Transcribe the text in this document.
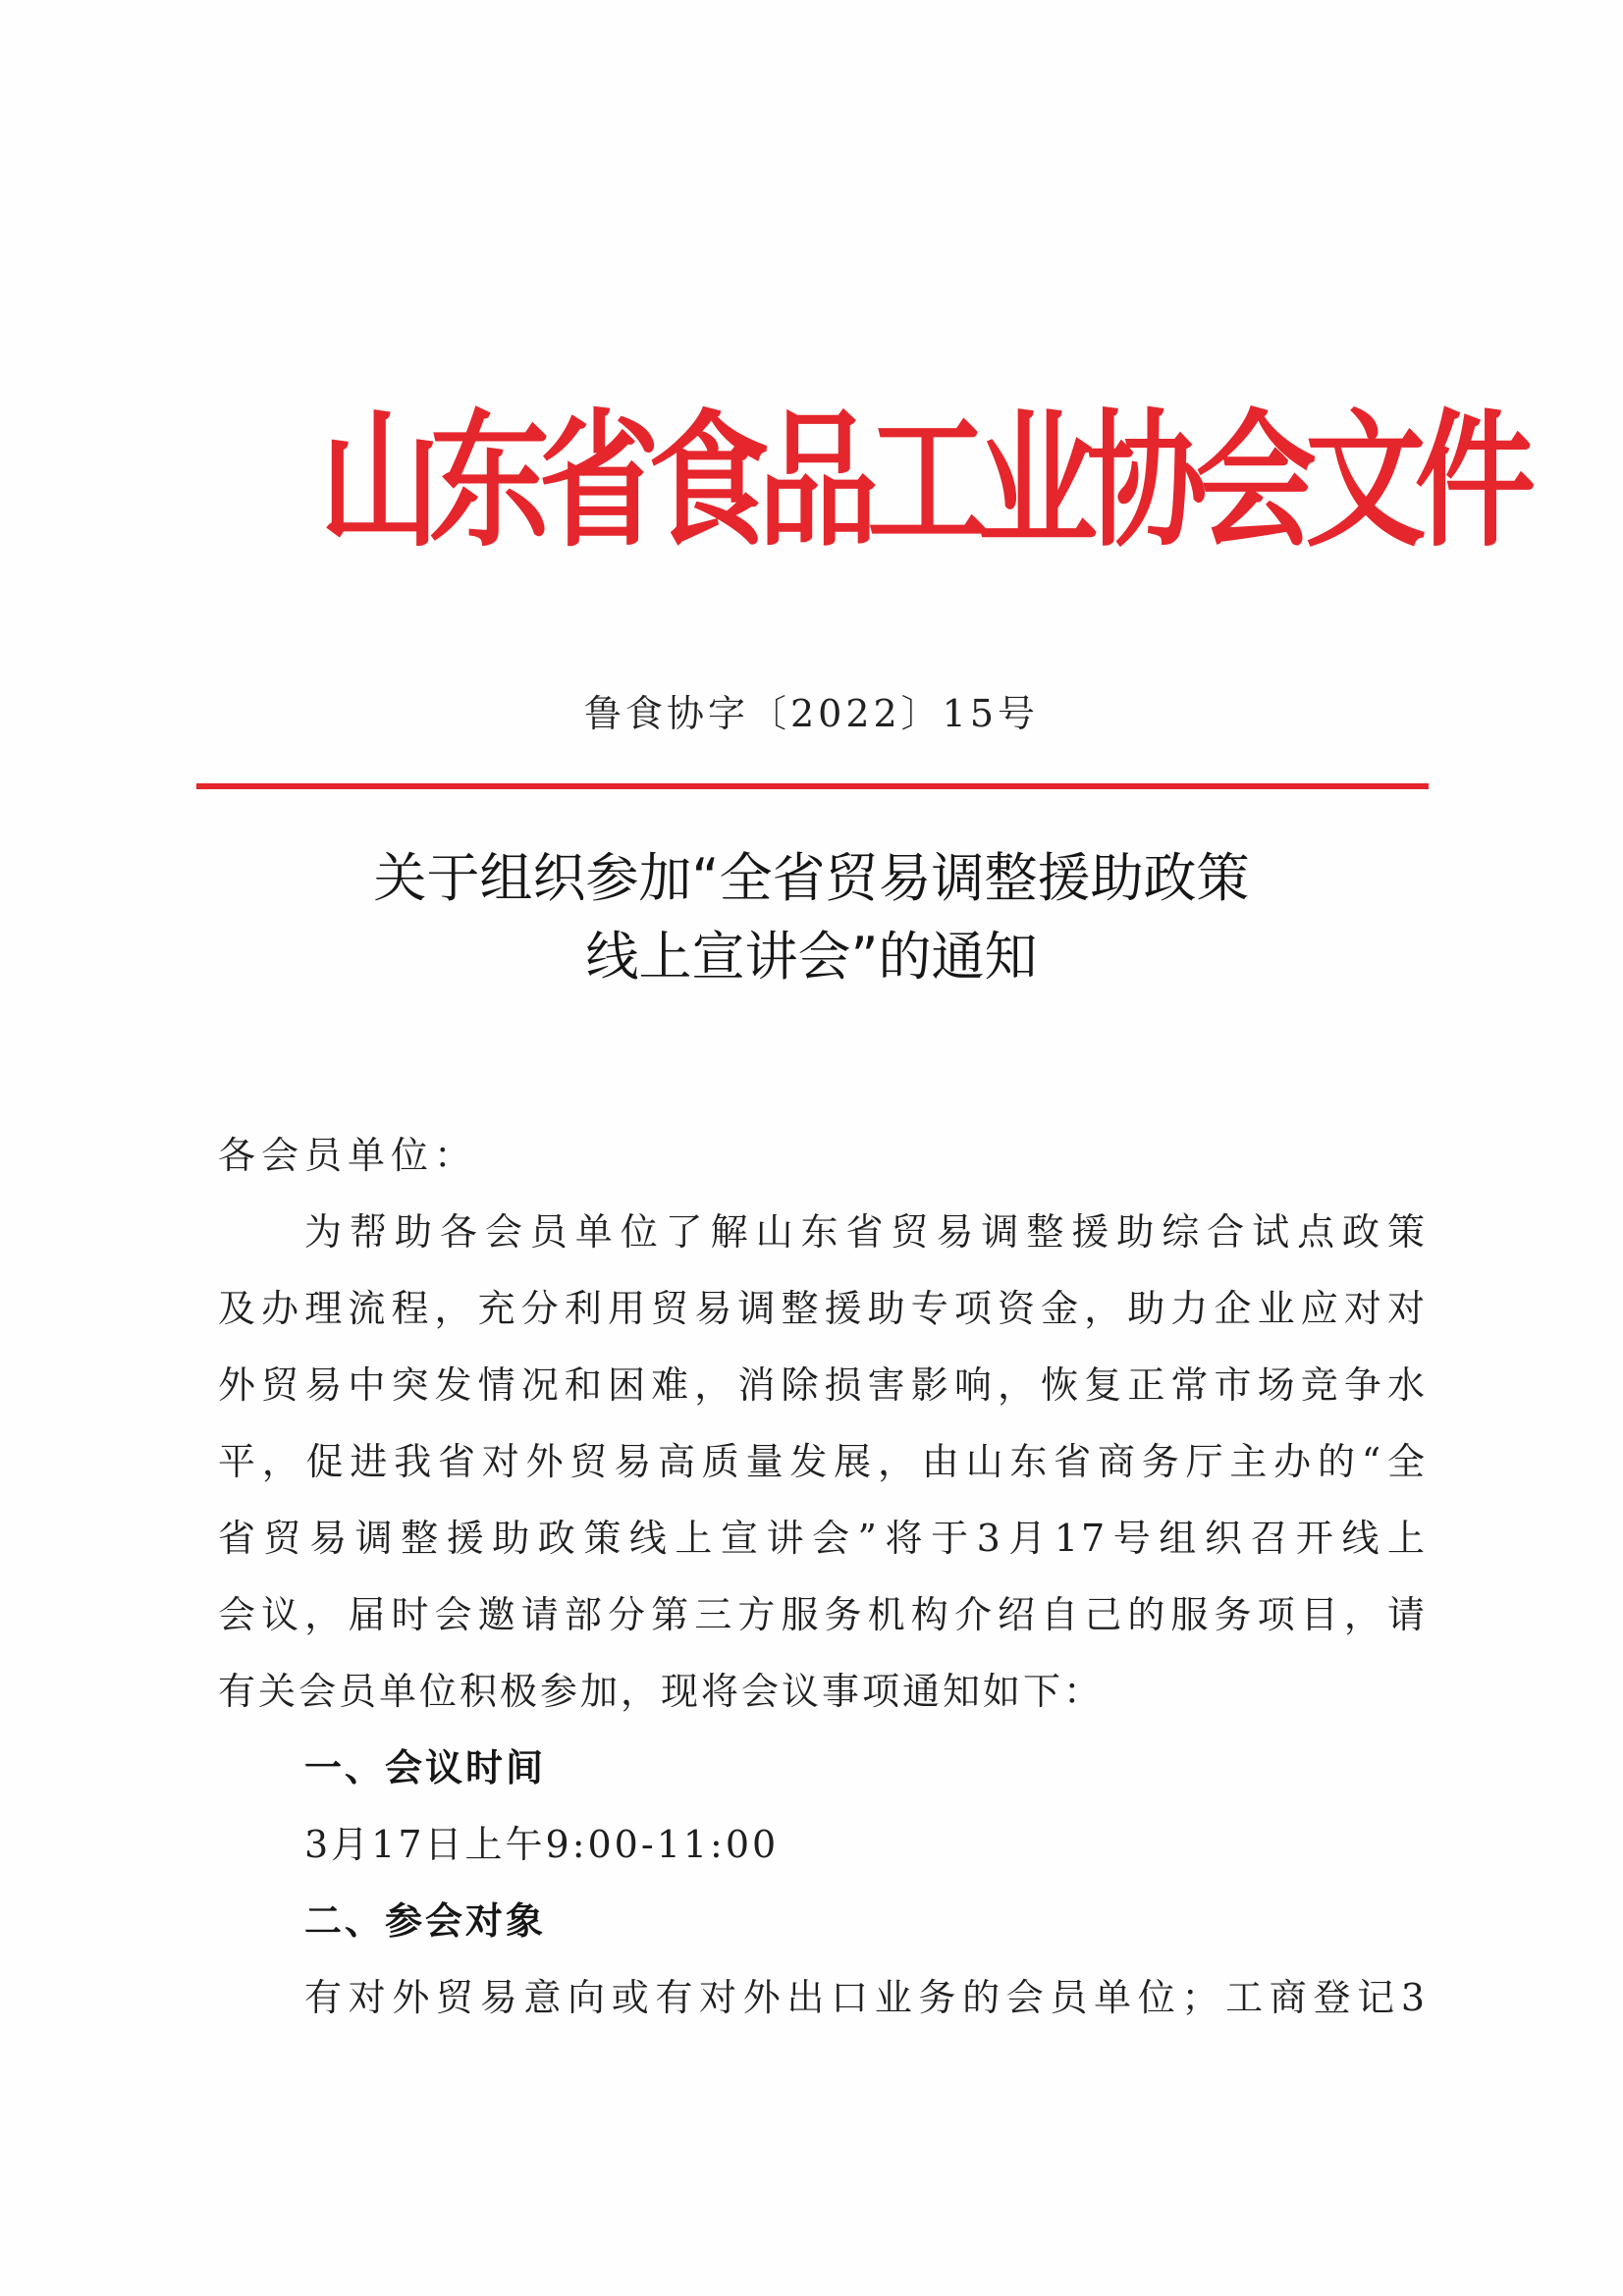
山东省食品工业协会文件
鲁食协字〔2022〕15号
关于组织参加“全省贸易调整援助政策
线上宣讲会”的通知
各会员单位：
为帮助各会员单位了解山东省贸易调整援助综合试点政策
及办理流程，充分利用贸易调整援助专项资金，助力企业应对对
外贸易中突发情况和困难，消除损害影响，恢复正常市场竞争水
平，促进我省对外贸易高质量发展，由山东省商务厅主办的“全
省贸易调整援助政策线上宣讲会”将于3月17号组织召开线上
会议，届时会邀请部分第三方服务机构介绍自己的服务项目，请
有关会员单位积极参加，现将会议事项通知如下：
一、会议时间
3月17日上午9:00-11:00
二、参会对象
有对外贸易意向或有对外出口业务的会员单位；工商登记3
